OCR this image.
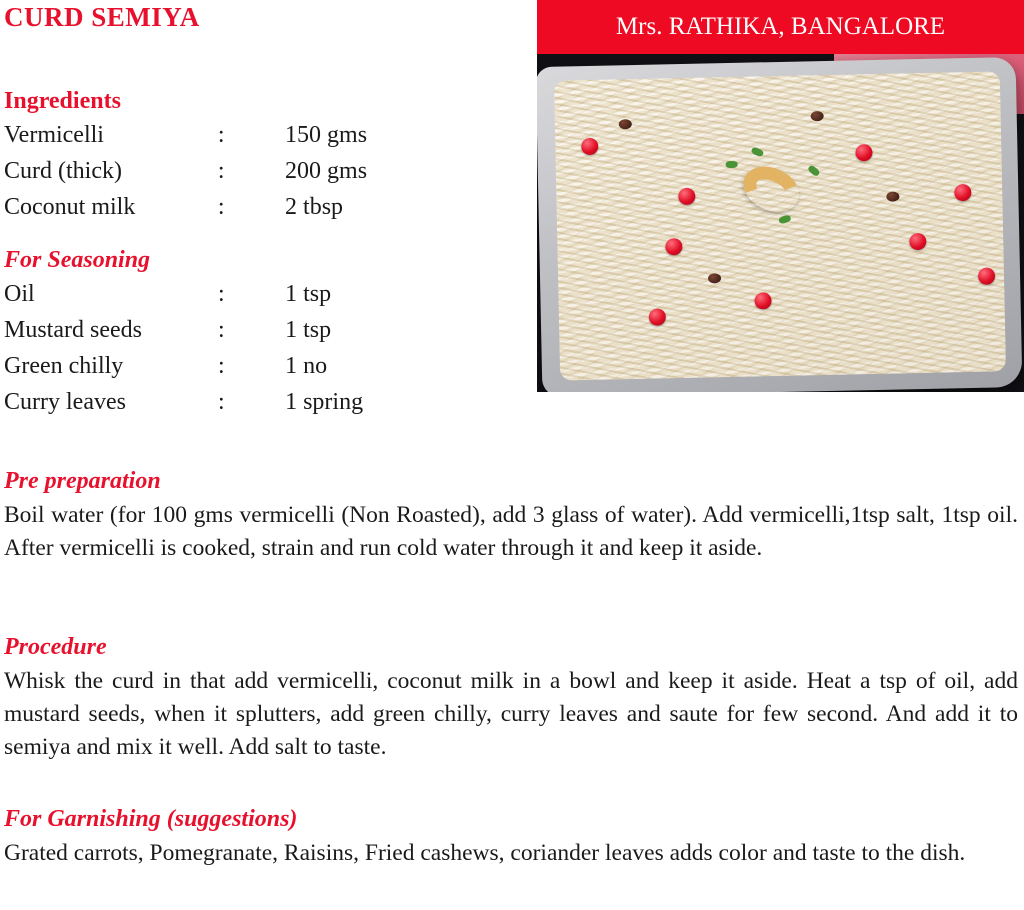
CURD SEMIYA	Mrs. RATHIKA, BANGALORE
Ingredients
Vermicelli	:	150 gms
Curd (thick)	:	200 gms
Coconut milk	:	2 tbsp
For Seasoning
Oil	:	1 tsp
Mustard seeds	:	1 tsp
Green chilly	:	1 no
Curry leaves	:	1 spring
Pre preparation

Boil water (for 100 gms vermicelli (Non Roasted), add 3 glass of water). Add vermicelli,1tsp salt, 1tsp oil. After vermicelli is cooked, strain and run cold water through it and keep it aside.

Procedure

Whisk the curd in that add vermicelli, coconut milk in a bowl and keep it aside. Heat a tsp of oil, add mustard seeds, when it splutters, add green chilly, curry leaves and saute for few second. And add it to semiya and mix it well. Add salt to taste.

For Garnishing (suggestions)

Grated carrots, Pomegranate, Raisins, Fried cashews, coriander leaves adds color and taste to the dish.
